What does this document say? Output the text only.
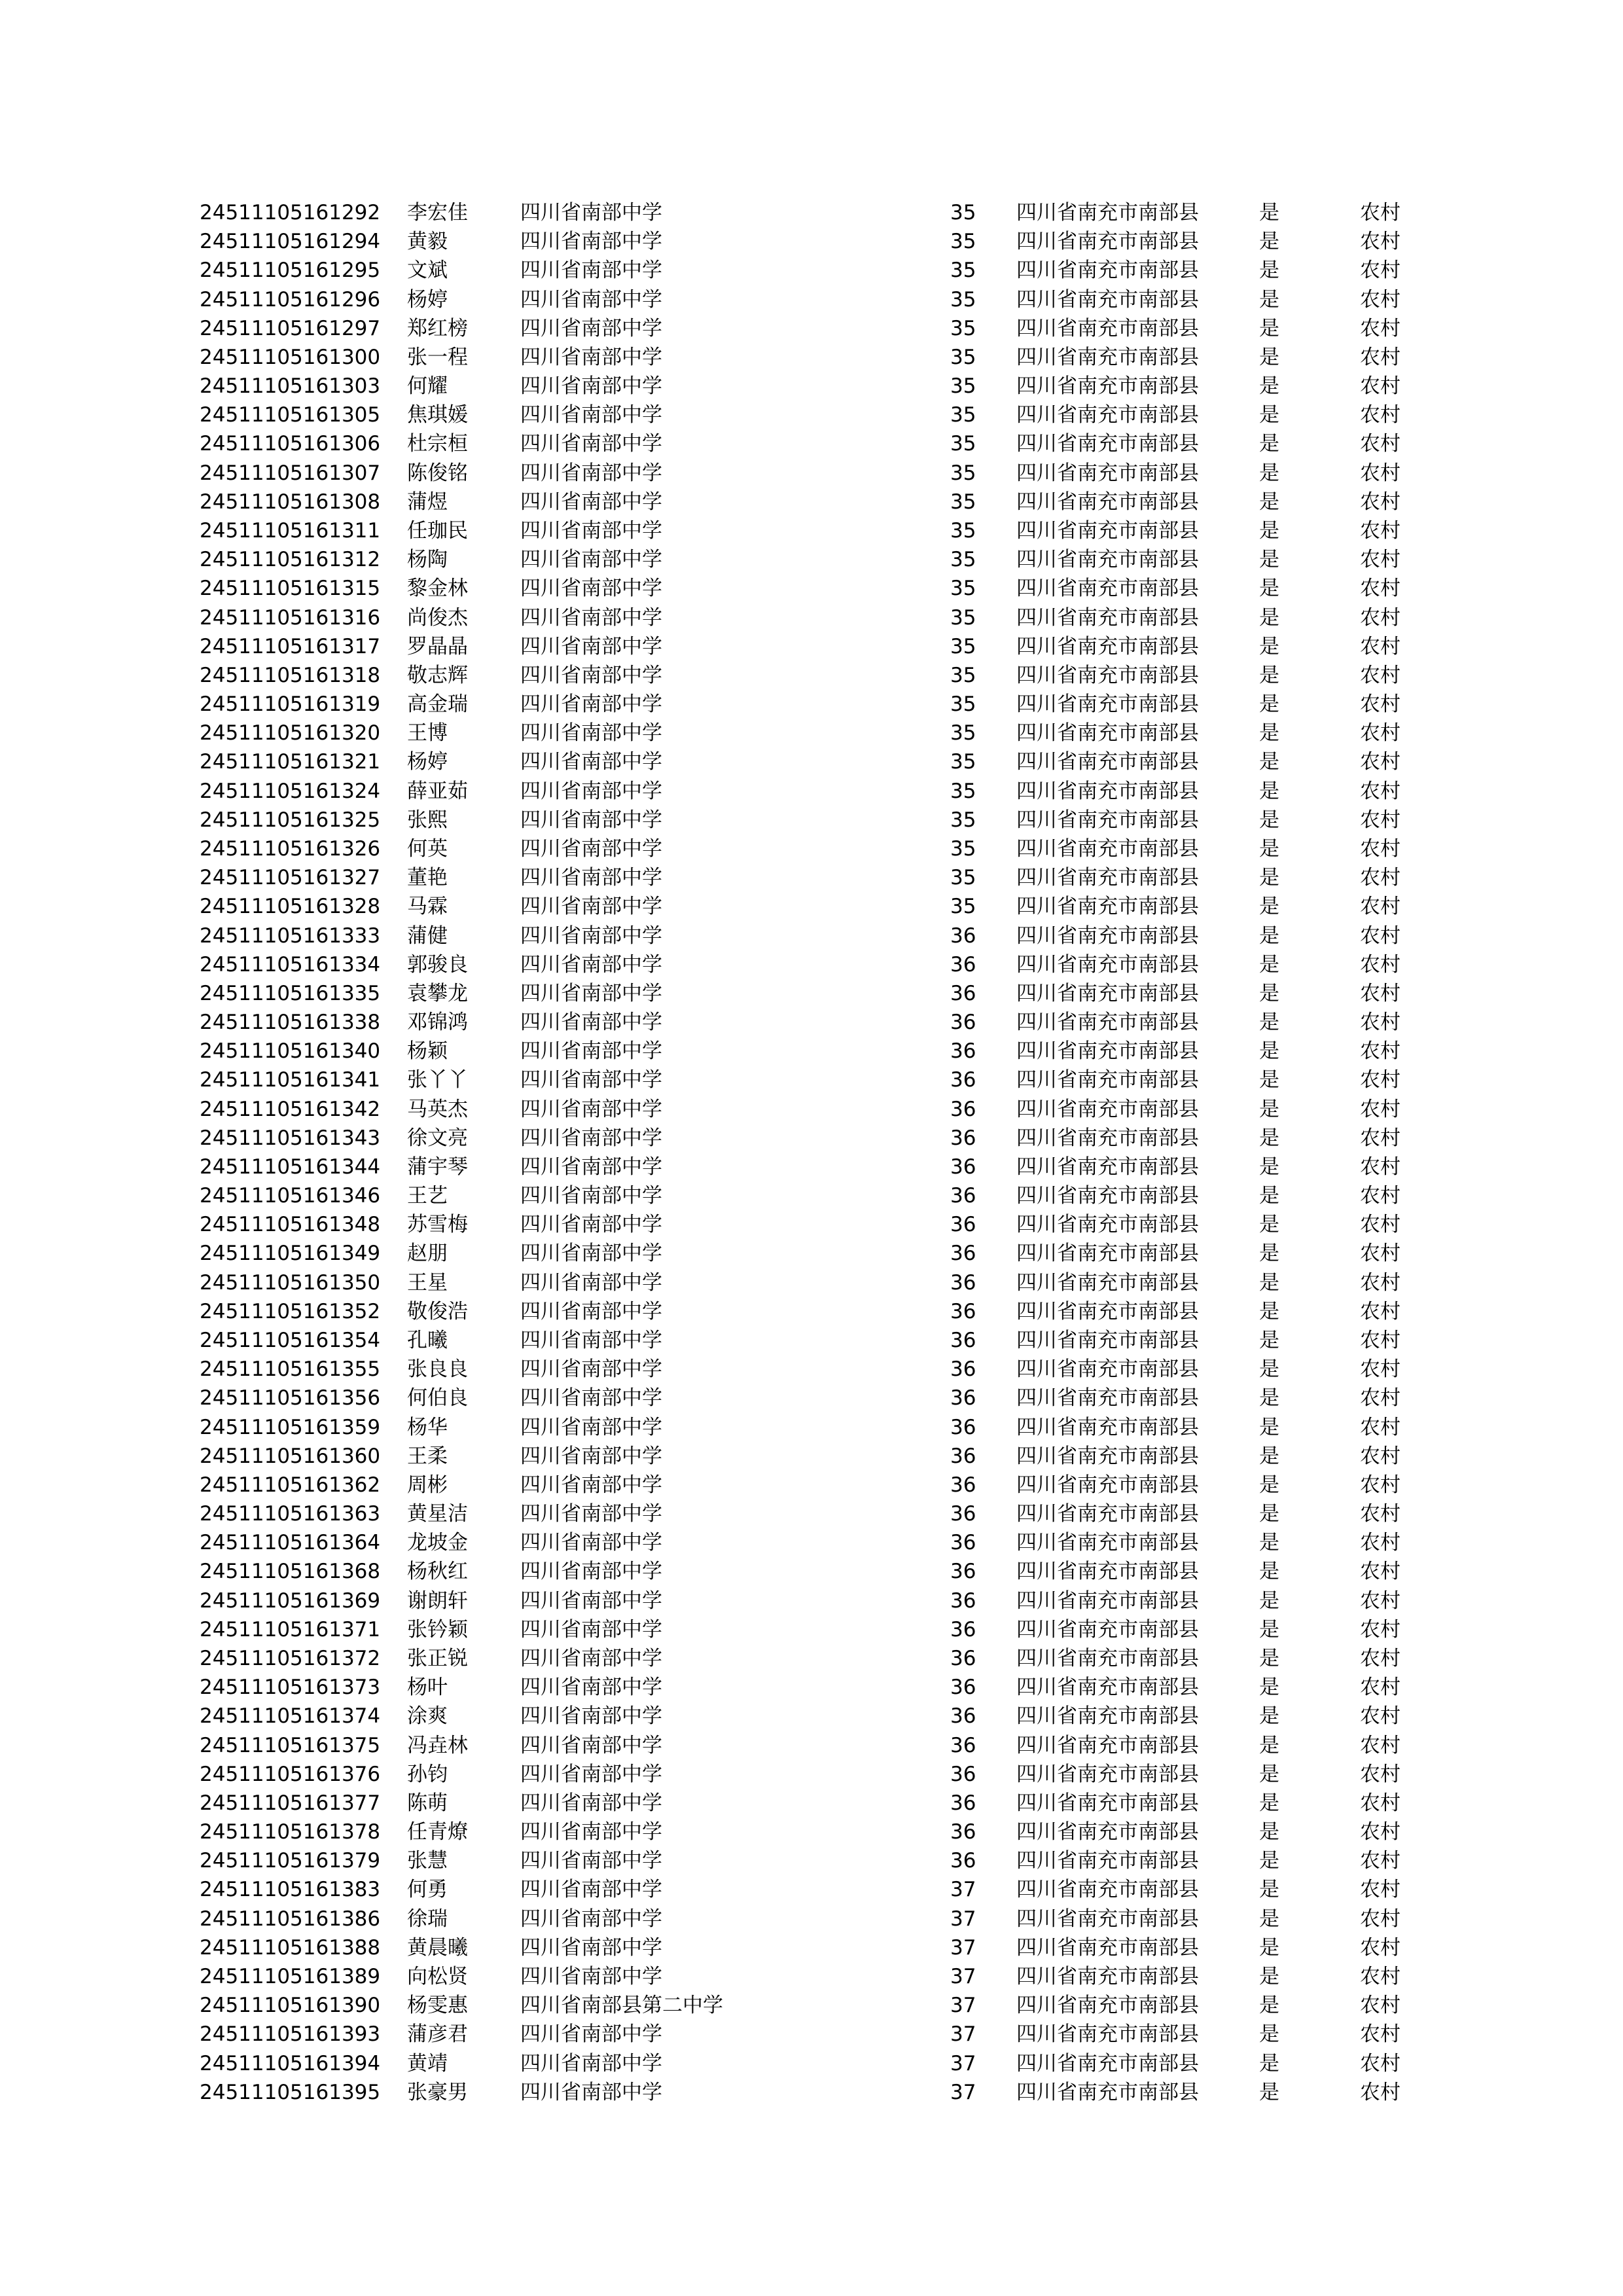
24511105161292 李宏佳	四川省南部中学	35 四川省南充市南部县	是	农村
24511105161294 黄毅	四川省南部中学	35 四川省南充市南部县	是	农村
24511105161295 文斌	四川省南部中学	35 四川省南充市南部县	是	农村
24511105161296 杨婷	四川省南部中学	35 四川省南充市南部县	是	农村
24511105161297 郑红榜	四川省南部中学	35 四川省南充市南部县	是	农村
24511105161300 张一程	四川省南部中学	35 四川省南充市南部县	是	农村
24511105161303 何耀	四川省南部中学	35 四川省南充市南部县	是	农村
24511105161305 焦琪媛	四川省南部中学	35 四川省南充市南部县	是	农村
24511105161306 杜宗桓	四川省南部中学	35 四川省南充市南部县	是	农村
24511105161307 陈俊铭	四川省南部中学	35 四川省南充市南部县	是	农村
24511105161308 蒲煜	四川省南部中学	35 四川省南充市南部县	是	农村
24511105161311 任珈民	四川省南部中学	35 四川省南充市南部县	是	农村
24511105161312 杨陶	四川省南部中学	35 四川省南充市南部县	是	农村
24511105161315 黎金林	四川省南部中学	35 四川省南充市南部县	是	农村
24511105161316 尚俊杰	四川省南部中学	35 四川省南充市南部县	是	农村
24511105161317 罗晶晶	四川省南部中学	35 四川省南充市南部县	是	农村
24511105161318 敬志辉	四川省南部中学	35 四川省南充市南部县	是	农村
24511105161319 高金瑞	四川省南部中学	35 四川省南充市南部县	是	农村
24511105161320 王博	四川省南部中学	35 四川省南充市南部县	是	农村
24511105161321 杨婷	四川省南部中学	35 四川省南充市南部县	是	农村
24511105161324 薛亚茹	四川省南部中学	35 四川省南充市南部县	是	农村
24511105161325 张熙	四川省南部中学	35 四川省南充市南部县	是	农村
24511105161326 何英	四川省南部中学	35 四川省南充市南部县	是	农村
24511105161327 董艳	四川省南部中学	35 四川省南充市南部县	是	农村
24511105161328 马霖	四川省南部中学	35 四川省南充市南部县	是	农村
24511105161333 蒲健	四川省南部中学	36 四川省南充市南部县	是	农村
24511105161334 郭骏良	四川省南部中学	36 四川省南充市南部县	是	农村
24511105161335 袁攀龙	四川省南部中学	36 四川省南充市南部县	是	农村
24511105161338 邓锦鸿	四川省南部中学	36 四川省南充市南部县	是	农村
24511105161340 杨颖	四川省南部中学	36 四川省南充市南部县	是	农村
24511105161341 张丫丫	四川省南部中学	36 四川省南充市南部县	是	农村
24511105161342 马英杰	四川省南部中学	36 四川省南充市南部县	是	农村
24511105161343 徐文亮	四川省南部中学	36 四川省南充市南部县	是	农村
24511105161344 蒲宇琴	四川省南部中学	36 四川省南充市南部县	是	农村
24511105161346 王艺	四川省南部中学	36 四川省南充市南部县	是	农村
24511105161348 苏雪梅	四川省南部中学	36 四川省南充市南部县	是	农村
24511105161349 赵朋	四川省南部中学	36 四川省南充市南部县	是	农村
24511105161350 王星	四川省南部中学	36 四川省南充市南部县	是	农村
24511105161352 敬俊浩	四川省南部中学	36 四川省南充市南部县	是	农村
24511105161354 孔曦	四川省南部中学	36 四川省南充市南部县	是	农村
24511105161355 张良良	四川省南部中学	36 四川省南充市南部县	是	农村
24511105161356 何伯良	四川省南部中学	36 四川省南充市南部县	是	农村
24511105161359 杨华	四川省南部中学	36 四川省南充市南部县	是	农村
24511105161360 王柔	四川省南部中学	36 四川省南充市南部县	是	农村
24511105161362 周彬	四川省南部中学	36 四川省南充市南部县	是	农村
24511105161363 黄星洁	四川省南部中学	36 四川省南充市南部县	是	农村
24511105161364 龙坡金	四川省南部中学	36 四川省南充市南部县	是	农村
24511105161368 杨秋红	四川省南部中学	36 四川省南充市南部县	是	农村
24511105161369 谢朗轩	四川省南部中学	36 四川省南充市南部县	是	农村
24511105161371 张钤颖	四川省南部中学	36 四川省南充市南部县	是	农村
24511105161372 张正锐	四川省南部中学	36 四川省南充市南部县	是	农村
24511105161373 杨叶	四川省南部中学	36 四川省南充市南部县	是	农村
24511105161374 涂爽	四川省南部中学	36 四川省南充市南部县	是	农村
24511105161375 冯垚林	四川省南部中学	36 四川省南充市南部县	是	农村
24511105161376 孙钧	四川省南部中学	36 四川省南充市南部县	是	农村
24511105161377 陈萌	四川省南部中学	36 四川省南充市南部县	是	农村
24511105161378 任青燎	四川省南部中学	36 四川省南充市南部县	是	农村
24511105161379 张慧	四川省南部中学	36 四川省南充市南部县	是	农村
24511105161383 何勇	四川省南部中学	37 四川省南充市南部县	是	农村
24511105161386 徐瑞	四川省南部中学	37 四川省南充市南部县	是	农村
24511105161388 黄晨曦	四川省南部中学	37 四川省南充市南部县	是	农村
24511105161389 向松贤	四川省南部中学	37 四川省南充市南部县	是	农村
24511105161390 杨雯惠	四川省南部县第二中学	37 四川省南充市南部县	是	农村
24511105161393 蒲彦君	四川省南部中学	37 四川省南充市南部县	是	农村
24511105161394 黄靖	四川省南部中学	37 四川省南充市南部县	是	农村
24511105161395 张豪男	四川省南部中学	37 四川省南充市南部县	是	农村
